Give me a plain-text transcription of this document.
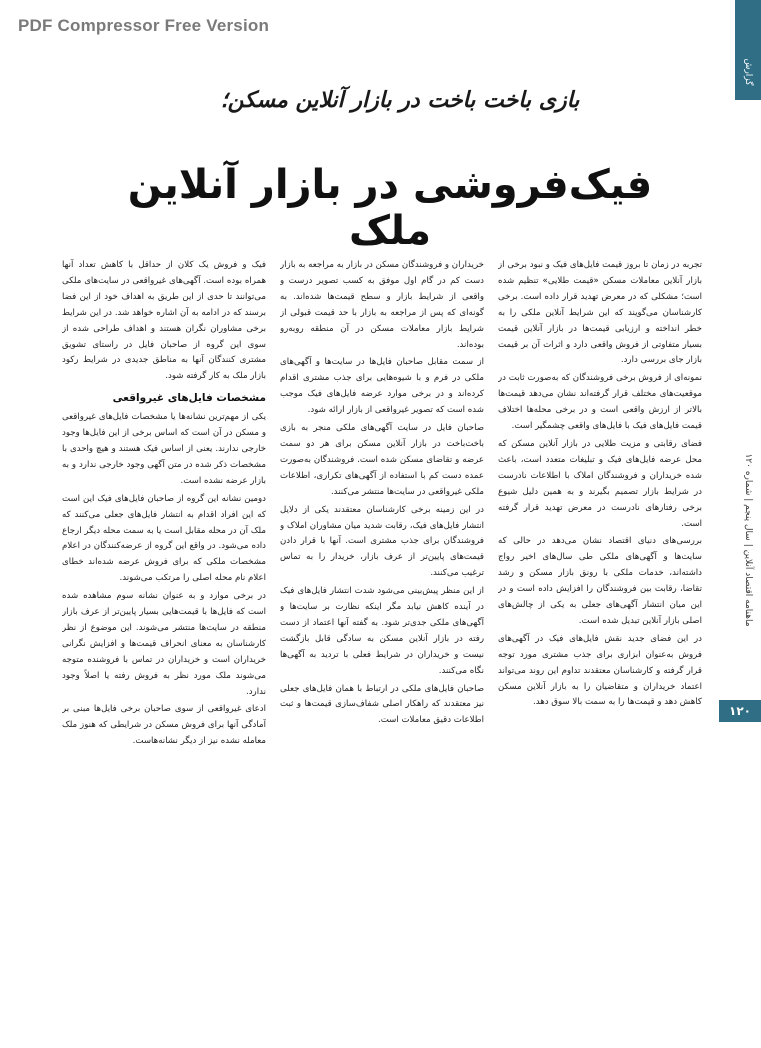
PDF Compressor Free Version
گزارش
ماهنامه اقتصاد آنلاین | سال پنجم | شماره ۱۲۰
۱۲۰
بازی باخت باخت در بازار آنلاین مسکن؛
فیک‌فروشی در بازار آنلاین ملک

تجربه در زمان تا بروز قیمت فایل‌های فیک و نبود برخی از بازار آنلاین معاملات مسکن «قیمت طلایی» تنظیم شده است؛ مشکلی که در معرض تهدید قرار داده است. برخی کارشناسان می‌گویند که این شرایط آنلاین ملکی را به خطر انداخته و ارزیابی قیمت‌ها در بازار آنلاین قیمت بسیار متفاوتی از فروش واقعی دارد و اثرات آن بر قیمت بازار جای بررسی دارد.

نمونه‌ای از فروش برخی فروشندگان که به‌صورت ثابت در موقعیت‌های مختلف قرار گرفته‌اند نشان می‌دهد قیمت‌ها بالاتر از ارزش واقعی است و در برخی محله‌ها اختلاف قیمت فایل‌های فیک با فایل‌های واقعی چشمگیر است.

فضای رقابتی و مزیت طلایی در بازار آنلاین مسکن که محل عرضه فایل‌های فیک و تبلیغات متعدد است، باعث شده خریداران و فروشندگان املاک با اطلاعات نادرست در شرایط بازار تصمیم بگیرند و به همین دلیل شیوع برخی رفتارهای نادرست در معرض تهدید قرار گرفته است.

بررسی‌های دنیای اقتصاد نشان می‌دهد در حالی که سایت‌ها و آگهی‌های ملکی طی سال‌های اخیر رواج داشته‌اند، خدمات ملکی با رونق بازار مسکن و رشد تقاضا، رقابت بین فروشندگان را افزایش داده است و در این میان انتشار آگهی‌های جعلی به یکی از چالش‌های اصلی بازار آنلاین تبدیل شده است.

در این فضای جدید نقش فایل‌های فیک در آگهی‌های فروش به‌عنوان ابزاری برای جذب مشتری مورد توجه قرار گرفته و کارشناسان معتقدند تداوم این روند می‌تواند اعتماد خریداران و متقاضیان را به بازار آنلاین مسکن کاهش دهد و قیمت‌ها را به سمت بالا سوق دهد.

خریداران و فروشندگان مسکن در بازار به مراجعه به بازار دست کم در گام اول موفق به کسب تصویر درست و واقعی از شرایط بازار و سطح قیمت‌ها شده‌اند. به گونه‌ای که پس از مراجعه به بازار با حد قیمت قبولی از شرایط بازار معاملات مسکن در آن منطقه روبه‌رو بوده‌اند.

از سمت مقابل صاحبان فایل‌ها در سایت‌ها و آگهی‌های ملکی در فرم و با شیوه‌هایی برای جذب مشتری اقدام کرده‌اند و در برخی موارد عرضه فایل‌های فیک موجب شده است که تصویر غیرواقعی از بازار ارائه شود.

صاحبان فایل در سایت آگهی‌های ملکی منجر به بازی باخت‌باخت در بازار آنلاین مسکن برای هر دو سمت عرضه و تقاضای مسکن شده است. فروشندگان به‌صورت عمده دست کم با استفاده از آگهی‌های تکراری، اطلاعات ملکی غیرواقعی در سایت‌ها منتشر می‌کنند.

در این زمینه برخی کارشناسان معتقدند یکی از دلایل انتشار فایل‌های فیک، رقابت شدید میان مشاوران املاک و فروشندگان برای جذب مشتری است. آنها با قرار دادن قیمت‌های پایین‌تر از عرف بازار، خریدار را به تماس ترغیب می‌کنند.

از این منظر پیش‌بینی می‌شود شدت انتشار فایل‌های فیک در آینده کاهش نیابد مگر اینکه نظارت بر سایت‌ها و آگهی‌های ملکی جدی‌تر شود. به گفته آنها اعتماد از دست رفته در بازار آنلاین مسکن به سادگی قابل بازگشت نیست و خریداران در شرایط فعلی با تردید به آگهی‌ها نگاه می‌کنند.

صاحبان فایل‌های ملکی در ارتباط با همان فایل‌های جعلی نیز معتقدند که راهکار اصلی شفاف‌سازی قیمت‌ها و ثبت اطلاعات دقیق معاملات است.

فیک و فروش یک کلان از حداقل با کاهش تعداد آنها همراه بوده است. آگهی‌های غیرواقعی در سایت‌های ملکی می‌توانند تا حدی از این طریق به اهداف خود از این فضا برسند که در ادامه به آن اشاره خواهد شد. در این شرایط برخی مشاوران نگران هستند و اهداف طراحی شده از سوی این گروه از صاحبان فایل در راستای تشویق مشتری کنندگان آنها به مناطق جدیدی در شرایط رکود بازار ملک به کار گرفته شود.

مشخصات فایل‌های غیرواقعی

یکی از مهم‌ترین نشانه‌ها یا مشخصات فایل‌های غیرواقعی و مسکن در آن است که اساس برخی از این فایل‌ها وجود خارجی ندارند. یعنی از اساس فیک هستند و هیچ واحدی با مشخصات ذکر شده در متن آگهی وجود خارجی ندارد و به بازار عرضه نشده است.

دومین نشانه این گروه از صاحبان فایل‌های فیک این است که این افراد اقدام به انتشار فایل‌های جعلی می‌کنند که ملک آن در محله مقابل است یا به سمت محله دیگر ارجاع داده می‌شود. در واقع این گروه از عرضه‌کنندگان در اعلام مشخصات ملکی که برای فروش عرضه شده‌اند خطای اعلام نام محله اصلی را مرتکب می‌شوند.

در برخی موارد و به عنوان نشانه سوم مشاهده شده است که فایل‌ها با قیمت‌هایی بسیار پایین‌تر از عرف بازار منطقه در سایت‌ها منتشر می‌شوند. این موضوع از نظر کارشناسان به معنای انحراف قیمت‌ها و افزایش نگرانی خریداران است و خریداران در تماس با فروشنده متوجه می‌شوند ملک مورد نظر به فروش رفته یا اصلاً وجود ندارد.

ادعای غیرواقعی از سوی صاحبان برخی فایل‌ها مبنی بر آمادگی آنها برای فروش مسکن در شرایطی که هنوز ملک معامله نشده نیز از دیگر نشانه‌هاست.
